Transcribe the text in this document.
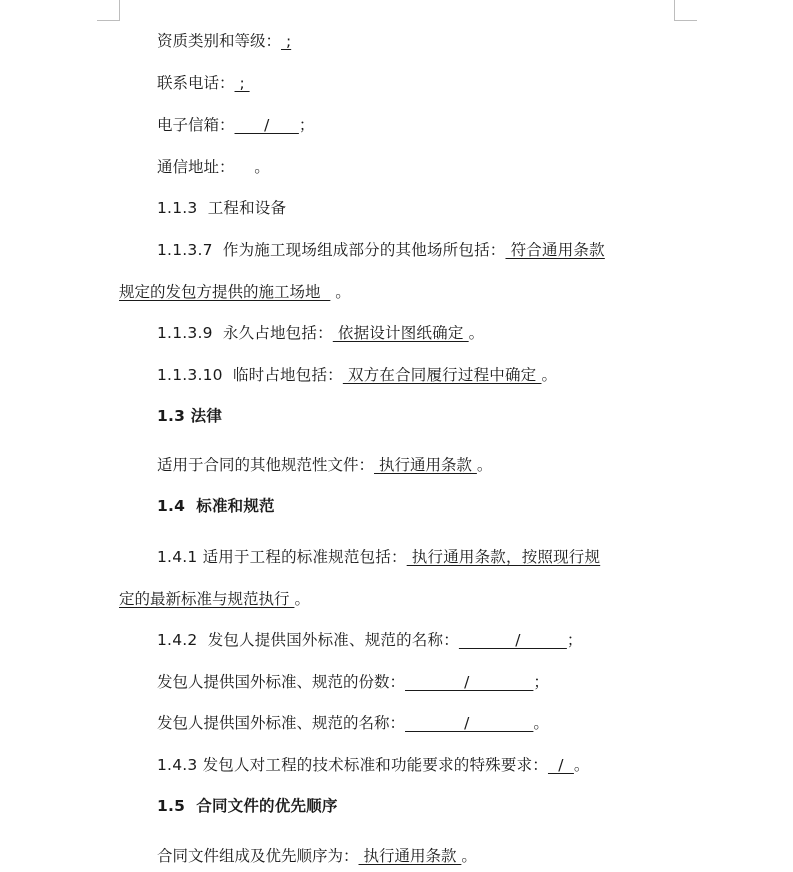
资质类别和等级： ;
联系电话： ;
电子信箱：      /      ；
通信地址：    。
1.1.3  工程和设备
1.1.3.7  作为施工现场组成部分的其他场所包括： 符合通用条款
规定的发包方提供的施工场地   。
1.1.3.9  永久占地包括： 依据设计图纸确定 。
1.1.3.10  临时占地包括： 双方在合同履行过程中确定 。
1.3 法律
适用于合同的其他规范性文件： 执行通用条款 。
1.4  标准和规范
1.4.1 适用于工程的标准规范包括： 执行通用条款，按照现行规
定的最新标准与规范执行 。
1.4.2  发包人提供国外标准、规范的名称：           /         ；
发包人提供国外标准、规范的份数：            /             ；
发包人提供国外标准、规范的名称：            /             。
1.4.3 发包人对工程的技术标准和功能要求的特殊要求：  /  。
1.5  合同文件的优先顺序
合同文件组成及优先顺序为： 执行通用条款 。
